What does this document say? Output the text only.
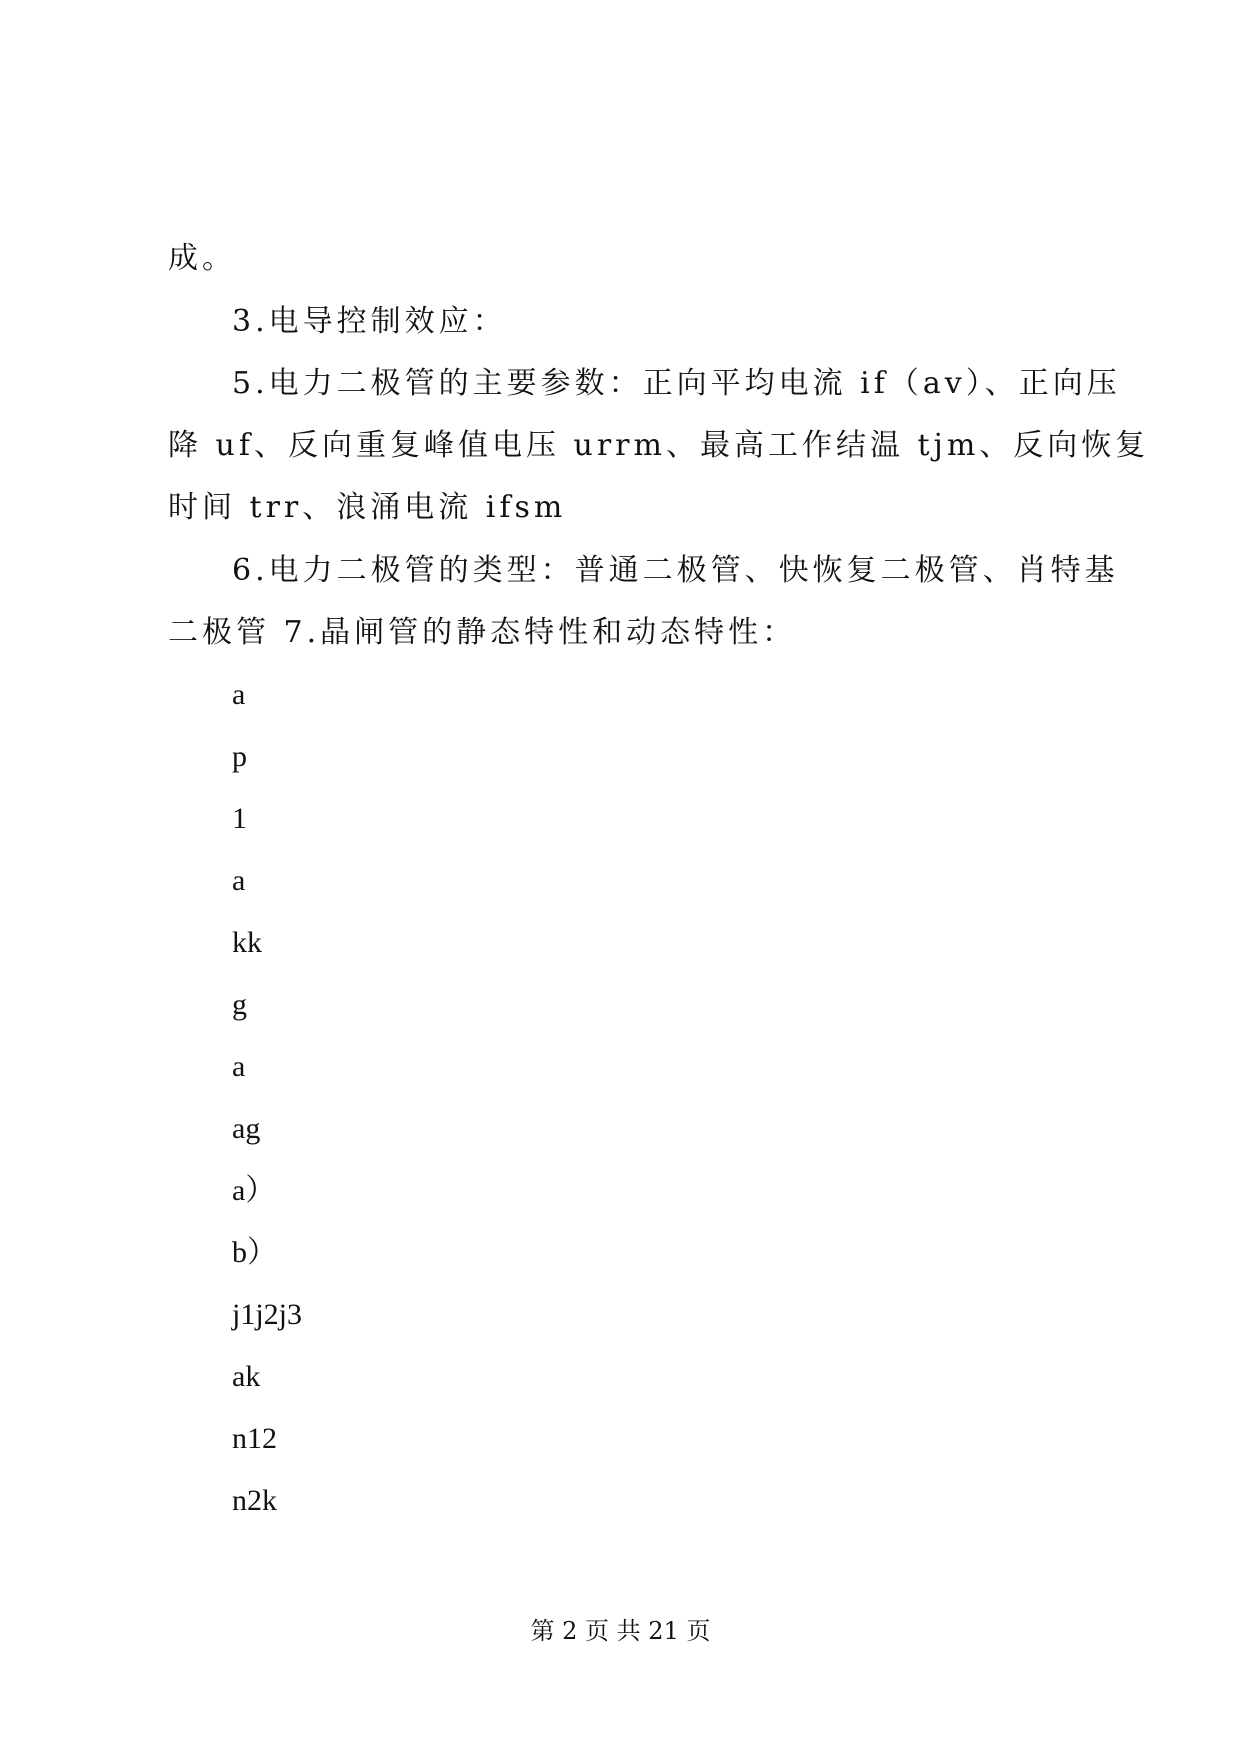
成。
3.电导控制效应：
5.电力二极管的主要参数：正向平均电流 if（av）、正向压
降 uf、反向重复峰值电压 urrm、最高工作结温 tjm、反向恢复
时间 trr、浪涌电流 ifsm
6.电力二极管的类型：普通二极管、快恢复二极管、肖特基
二极管 7.晶闸管的静态特性和动态特性：
a
p
1
a
kk
g
a
ag
a）
b）
j1j2j3
ak
n12
n2k
第 2 页 共 21 页
